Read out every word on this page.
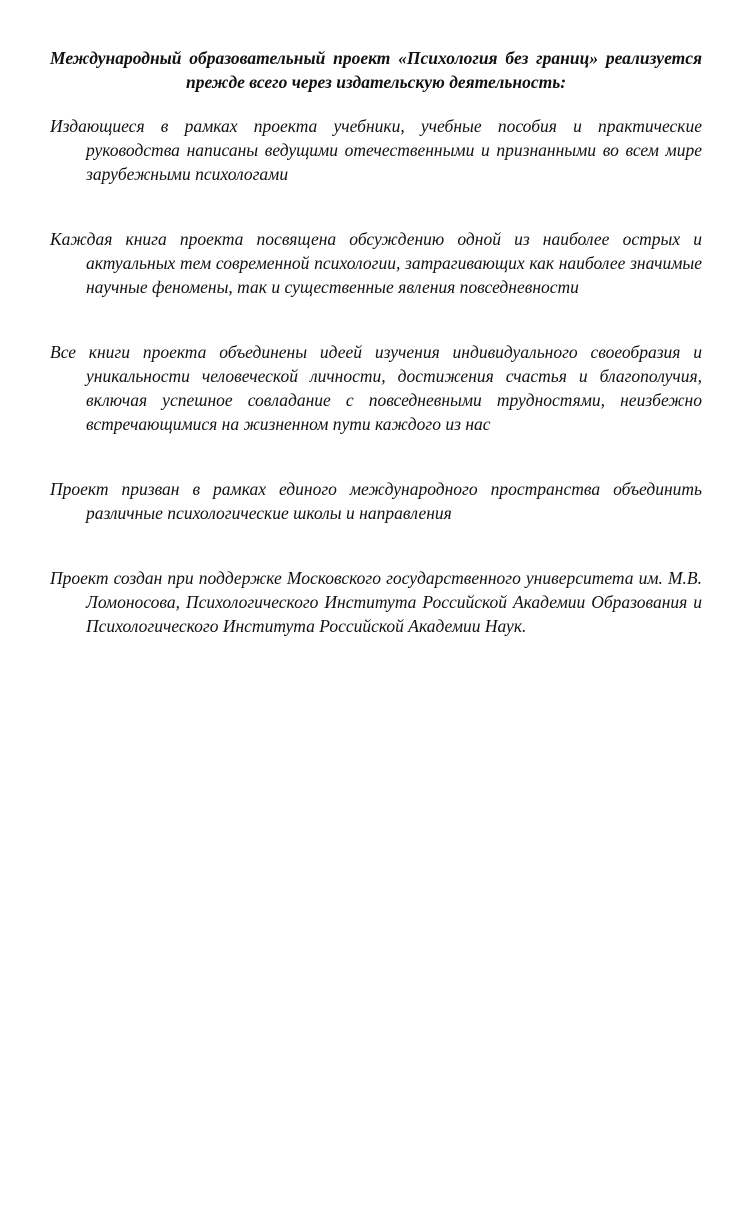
Международный образовательный проект «Психология без границ» реализуется прежде всего через издательскую деятельность:

Издающиеся в рамках проекта учебники, учебные пособия и практические руководства написаны ведущими отечественными и признанными во всем мире зарубежными психологами

Каждая книга проекта посвящена обсуждению одной из наиболее острых и актуальных тем современной психологии, затрагивающих как наиболее значимые научные феномены, так и существенные явления повседневности

Все книги проекта объединены идеей изучения индивидуального своеобразия и уникальности человеческой личности, достижения счастья и благополучия, включая успешное совладание с повседневными трудностями, неизбежно встречающимися на жизненном пути каждого из нас

Проект призван в рамках единого международного пространства объединить различные психологические школы и направления

Проект создан при поддержке Московского государственного университета им. М.В. Ломоносова, Психологического Института Российской Академии Образования и Психологического Института Российской Академии Наук.
